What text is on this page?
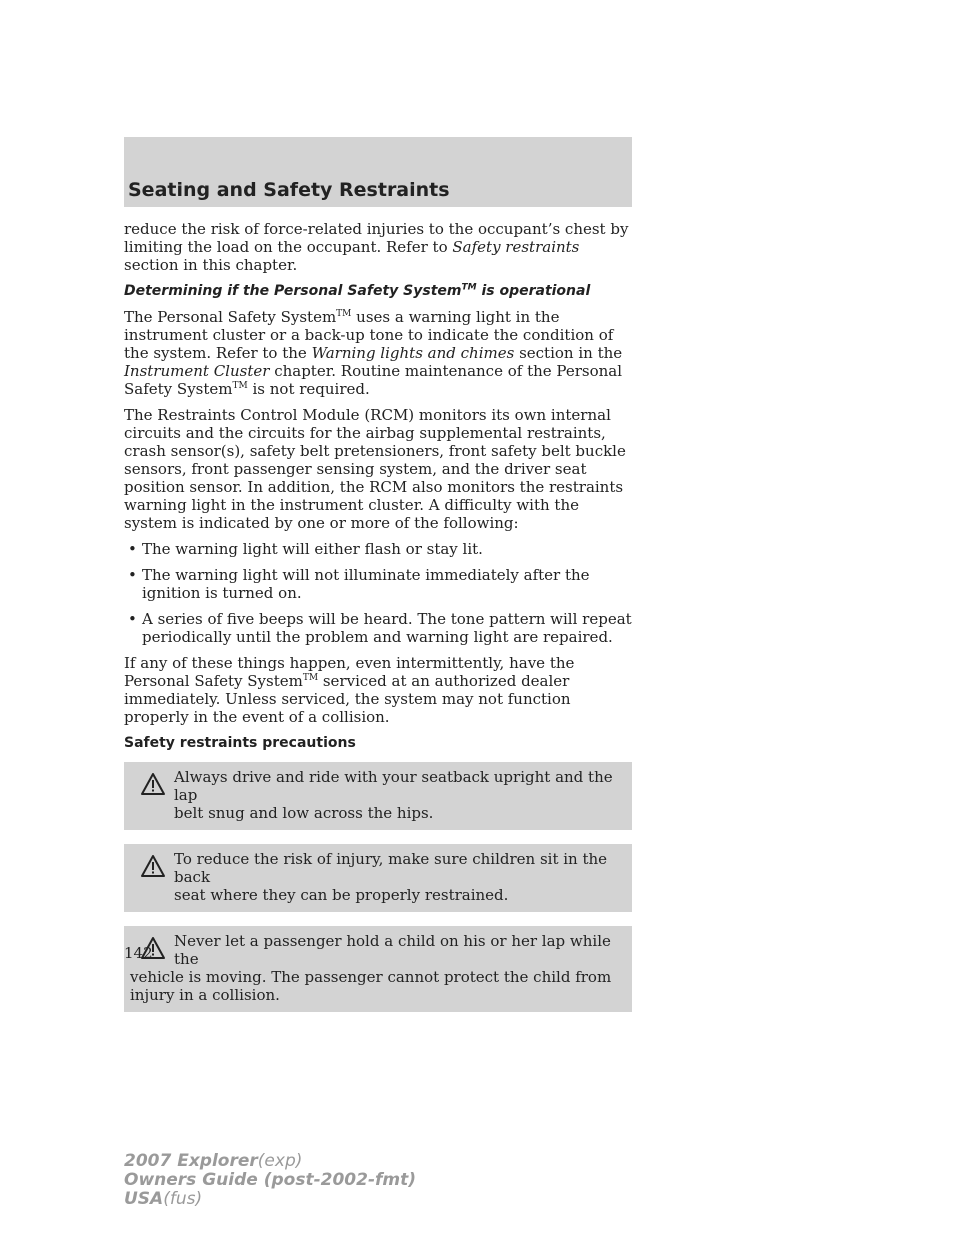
Seating and Safety Restraints

reduce the risk of force-related injuries to the occupant’s chest by limiting the load on the occupant. Refer to Safety restraints section in this chapter.

Determining if the Personal Safety System™ is operational

The Personal Safety System™ uses a warning light in the instrument cluster or a back-up tone to indicate the condition of the system. Refer to the Warning lights and chimes section in the Instrument Cluster chapter. Routine maintenance of the Personal Safety System™ is not required.

The Restraints Control Module (RCM) monitors its own internal circuits and the circuits for the airbag supplemental restraints, crash sensor(s), safety belt pretensioners, front safety belt buckle sensors, front passenger sensing system, and the driver seat position sensor. In addition, the RCM also monitors the restraints warning light in the instrument cluster. A difficulty with the system is indicated by one or more of the following:

• The warning light will either flash or stay lit.
• The warning light will not illuminate immediately after the ignition is turned on.
• A series of five beeps will be heard. The tone pattern will repeat periodically until the problem and warning light are repaired.

If any of these things happen, even intermittently, have the Personal Safety System™ serviced at an authorized dealer immediately. Unless serviced, the system may not function properly in the event of a collision.

Safety restraints precautions
Always drive and ride with your seatback upright and the lap
belt snug and low across the hips.
To reduce the risk of injury, make sure children sit in the back
seat where they can be properly restrained.
Never let a passenger hold a child on his or her lap while the
vehicle is moving. The passenger cannot protect the child from injury in a collision.
142
2007 Explorer(exp)
Owners Guide (post-2002-fmt)
USA(fus)
